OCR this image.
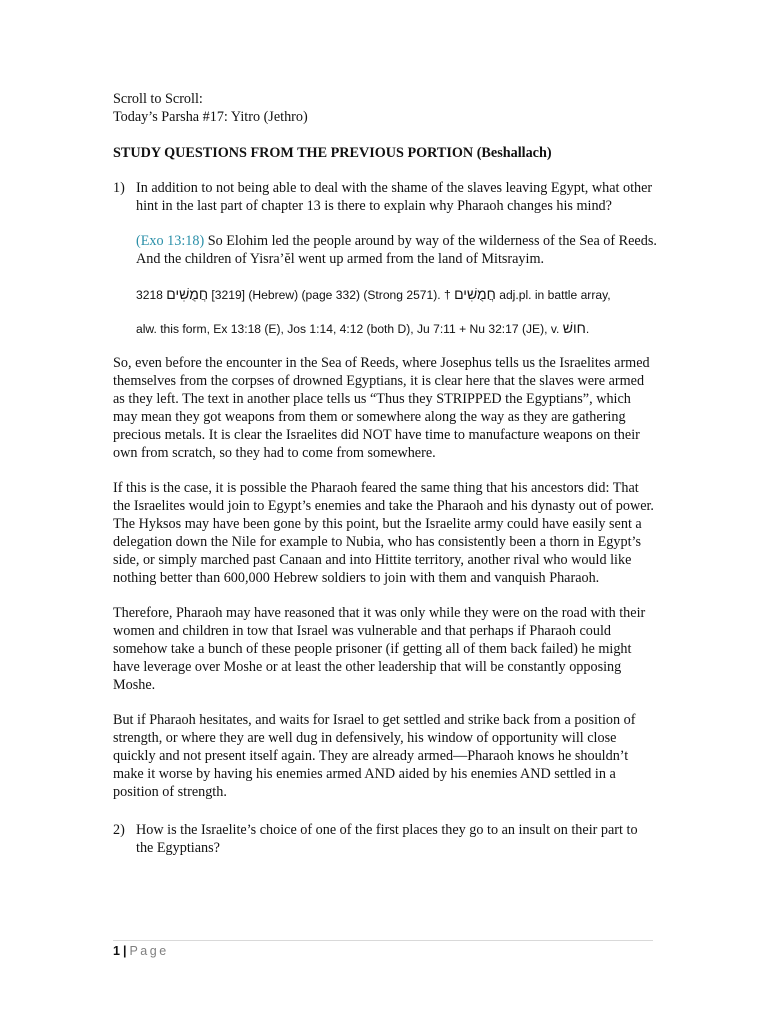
Scroll to Scroll:
Today’s Parsha #17: Yitro (Jethro)
STUDY QUESTIONS FROM THE PREVIOUS PORTION (Beshallach)
1) In addition to not being able to deal with the shame of the slaves leaving Egypt, what other hint in the last part of chapter 13 is there to explain why Pharaoh changes his mind?
(Exo 13:18) So Elohim led the people around by way of the wilderness of the Sea of Reeds. And the children of Yisra’ĕl went up armed from the land of Mitsrayim.

3218 חֲמֻשִׁים [3219] (Hebrew) (page 332) (Strong 2571). † חֲמֻשִׁים adj.pl. in battle array,

alw. this form, Ex 13:18 (E), Jos 1:14, 4:12 (both D), Ju 7:11 + Nu 32:17 (JE), v. חושׁ.

So, even before the encounter in the Sea of Reeds, where Josephus tells us the Israelites armed themselves from the corpses of drowned Egyptians, it is clear here that the slaves were armed as they left. The text in another place tells us “Thus they STRIPPED the Egyptians”, which may mean they got weapons from them or somewhere along the way as they are gathering precious metals. It is clear the Israelites did NOT have time to manufacture weapons on their own from scratch, so they had to come from somewhere.

If this is the case, it is possible the Pharaoh feared the same thing that his ancestors did: That the Israelites would join to Egypt’s enemies and take the Pharaoh and his dynasty out of power. The Hyksos may have been gone by this point, but the Israelite army could have easily sent a delegation down the Nile for example to Nubia, who has consistently been a thorn in Egypt’s side, or simply marched past Canaan and into Hittite territory, another rival who would like nothing better than 600,000 Hebrew soldiers to join with them and vanquish Pharaoh.

Therefore, Pharaoh may have reasoned that it was only while they were on the road with their women and children in tow that Israel was vulnerable and that perhaps if Pharaoh could somehow take a bunch of these people prisoner (if getting all of them back failed) he might have leverage over Moshe or at least the other leadership that will be constantly opposing Moshe.

But if Pharaoh hesitates, and waits for Israel to get settled and strike back from a position of strength, or where they are well dug in defensively, his window of opportunity will close quickly and not present itself again. They are already armed—Pharaoh knows he shouldn’t make it worse by having his enemies armed AND aided by his enemies AND settled in a position of strength.

2) How is the Israelite’s choice of one of the first places they go to an insult on their part to the Egyptians?
1 | Page
